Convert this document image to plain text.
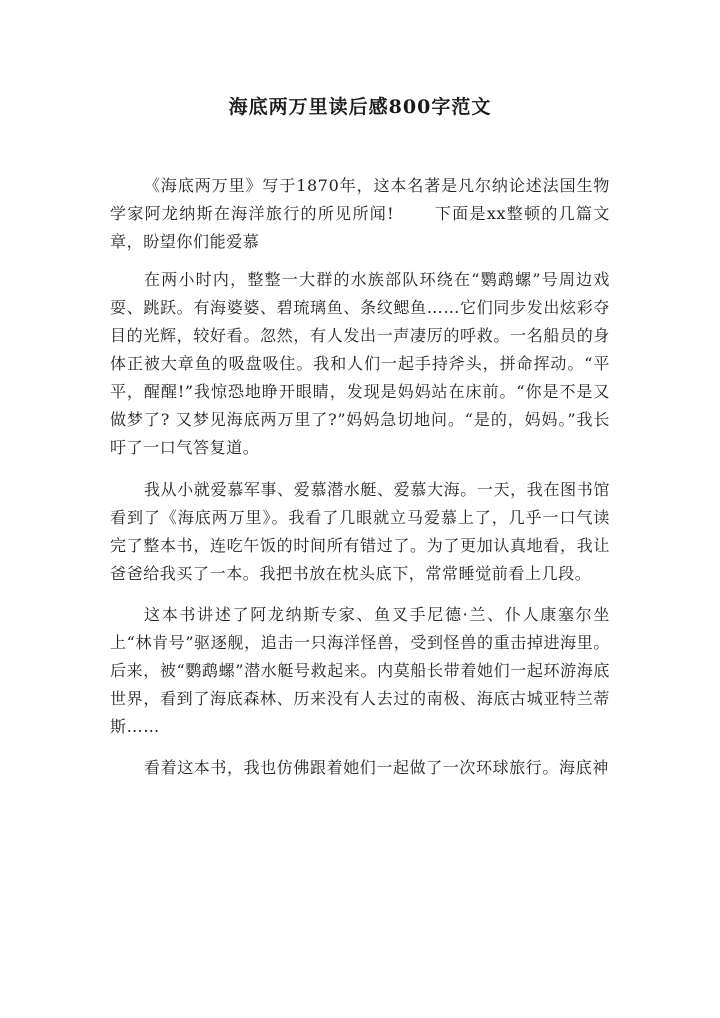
海底两万里读后感800字范文

《海底两万里》写于1870年，这本名著是凡尔纳论述法国生物学家阿龙纳斯在海洋旅行的所见所闻!	下面是xx整顿的几篇文章，盼望你们能爱慕

在两小时内，整整一大群的水族部队环绕在“鹦鹉螺”号周边戏耍、跳跃。有海婆婆、碧琉璃鱼、条纹鳃鱼……它们同步发出炫彩夺目的光辉，较好看。忽然，有人发出一声凄厉的呼救。一名船员的身体正被大章鱼的吸盘吸住。我和人们一起手持斧头，拼命挥动。“平平，醒醒!”我惊恐地睁开眼睛，发现是妈妈站在床前。“你是不是又做梦了? 又梦见海底两万里了?”妈妈急切地问。“是的，妈妈。”我长吁了一口气答复道。

我从小就爱慕军事、爱慕潜水艇、爱慕大海。一天，我在图书馆看到了《海底两万里》。我看了几眼就立马爱慕上了，几乎一口气读完了整本书，连吃午饭的时间所有错过了。为了更加认真地看，我让爸爸给我买了一本。我把书放在枕头底下，常常睡觉前看上几段。

这本书讲述了阿龙纳斯专家、鱼叉手尼德·兰、仆人康塞尔坐上“林肯号”驱逐舰，追击一只海洋怪兽，受到怪兽的重击掉进海里。后来，被“鹦鹉螺”潜水艇号救起来。内莫船长带着她们一起环游海底世界，看到了海底森林、历来没有人去过的南极、海底古城亚特兰蒂斯……

看着这本书，我也仿佛跟着她们一起做了一次环球旅行。海底神
